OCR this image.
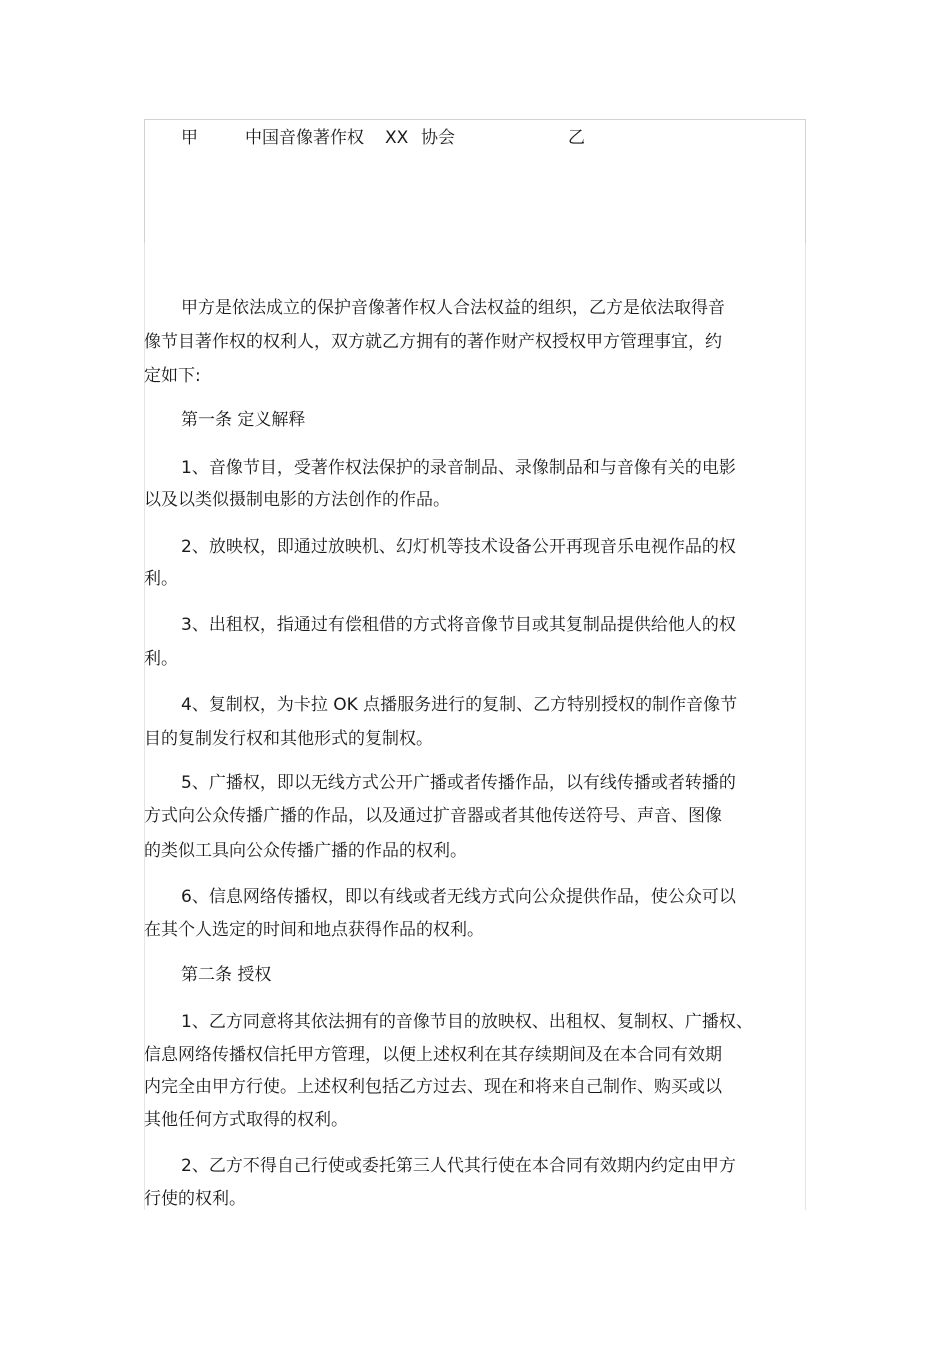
甲	中国音像著作权 XX 协会	乙
甲方是依法成立的保护音像著作权人合法权益的组织，乙方是依法取得音
像节目著作权的权利人，双方就乙方拥有的著作财产权授权甲方管理事宜，约
定如下:
第一条 定义解释
1、音像节目，受著作权法保护的录音制品、录像制品和与音像有关的电影
以及以类似摄制电影的方法创作的作品。
2、放映权，即通过放映机、幻灯机等技术设备公开再现音乐电视作品的权
利。
3、出租权，指通过有偿租借的方式将音像节目或其复制品提供给他人的权
利。
4、复制权，为卡拉 OK 点播服务进行的复制、乙方特别授权的制作音像节
目的复制发行权和其他形式的复制权。
5、广播权，即以无线方式公开广播或者传播作品，以有线传播或者转播的
方式向公众传播广播的作品，以及通过扩音器或者其他传送符号、声音、图像
的类似工具向公众传播广播的作品的权利。
6、信息网络传播权，即以有线或者无线方式向公众提供作品，使公众可以
在其个人选定的时间和地点获得作品的权利。
第二条 授权
1、乙方同意将其依法拥有的音像节目的放映权、出租权、复制权、广播权、
信息网络传播权信托甲方管理，以便上述权利在其存续期间及在本合同有效期
内完全由甲方行使。上述权利包括乙方过去、现在和将来自己制作、购买或以
其他任何方式取得的权利。
2、乙方不得自己行使或委托第三人代其行使在本合同有效期内约定由甲方
行使的权利。
